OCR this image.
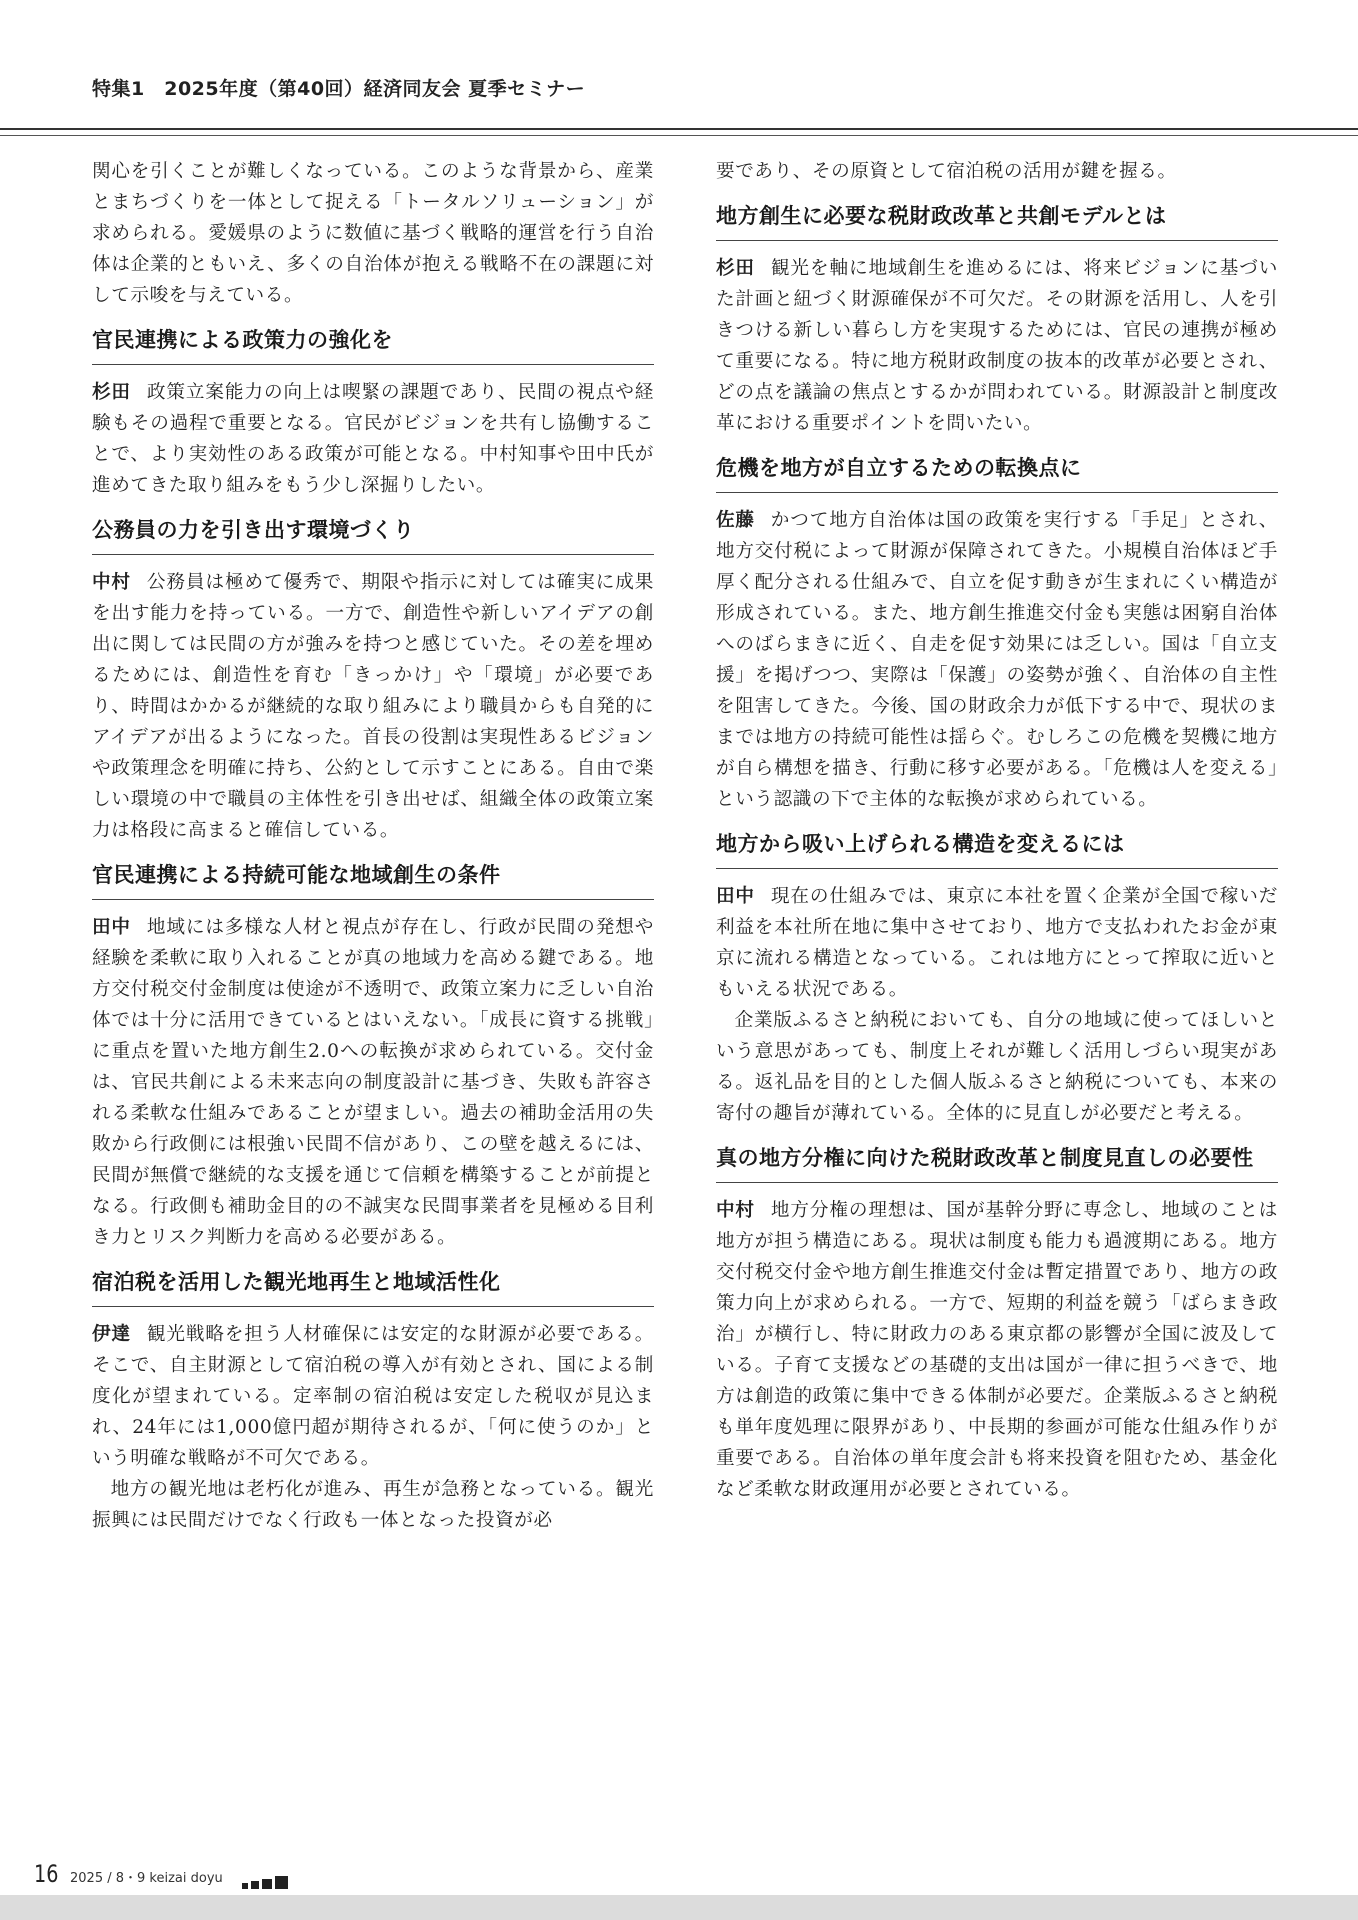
特集1　2025年度（第40回）経済同友会 夏季セミナー

関心を引くことが難しくなっている。このような背景から、産業とまちづくりを一体として捉える「トータルソリューション」が求められる。愛媛県のように数値に基づく戦略的運営を行う自治体は企業的ともいえ、多くの自治体が抱える戦略不在の課題に対して示唆を与えている。

官民連携による政策力の強化を

杉田 政策立案能力の向上は喫緊の課題であり、民間の視点や経験もその過程で重要となる。官民がビジョンを共有し協働することで、より実効性のある政策が可能となる。中村知事や田中氏が進めてきた取り組みをもう少し深掘りしたい。

公務員の力を引き出す環境づくり

中村 公務員は極めて優秀で、期限や指示に対しては確実に成果を出す能力を持っている。一方で、創造性や新しいアイデアの創出に関しては民間の方が強みを持つと感じていた。その差を埋めるためには、創造性を育む「きっかけ」や「環境」が必要であり、時間はかかるが継続的な取り組みにより職員からも自発的にアイデアが出るようになった。首長の役割は実現性あるビジョンや政策理念を明確に持ち、公約として示すことにある。自由で楽しい環境の中で職員の主体性を引き出せば、組織全体の政策立案力は格段に高まると確信している。

官民連携による持続可能な地域創生の条件

田中 地域には多様な人材と視点が存在し、行政が民間の発想や経験を柔軟に取り入れることが真の地域力を高める鍵である。地方交付税交付金制度は使途が不透明で、政策立案力に乏しい自治体では十分に活用できているとはいえない。「成長に資する挑戦」に重点を置いた地方創生2.0への転換が求められている。交付金は、官民共創による未来志向の制度設計に基づき、失敗も許容される柔軟な仕組みであることが望ましい。過去の補助金活用の失敗から行政側には根強い民間不信があり、この壁を越えるには、民間が無償で継続的な支援を通じて信頼を構築することが前提となる。行政側も補助金目的の不誠実な民間事業者を見極める目利き力とリスク判断力を高める必要がある。

宿泊税を活用した観光地再生と地域活性化

伊達 観光戦略を担う人材確保には安定的な財源が必要である。そこで、自主財源として宿泊税の導入が有効とされ、国による制度化が望まれている。定率制の宿泊税は安定した税収が見込まれ、24年には1,000億円超が期待されるが、「何に使うのか」という明確な戦略が不可欠である。

地方の観光地は老朽化が進み、再生が急務となっている。観光振興には民間だけでなく行政も一体となった投資が必

要であり、その原資として宿泊税の活用が鍵を握る。

地方創生に必要な税財政改革と共創モデルとは

杉田 観光を軸に地域創生を進めるには、将来ビジョンに基づいた計画と紐づく財源確保が不可欠だ。その財源を活用し、人を引きつける新しい暮らし方を実現するためには、官民の連携が極めて重要になる。特に地方税財政制度の抜本的改革が必要とされ、どの点を議論の焦点とするかが問われている。財源設計と制度改革における重要ポイントを問いたい。

危機を地方が自立するための転換点に

佐藤 かつて地方自治体は国の政策を実行する「手足」とされ、地方交付税によって財源が保障されてきた。小規模自治体ほど手厚く配分される仕組みで、自立を促す動きが生まれにくい構造が形成されている。また、地方創生推進交付金も実態は困窮自治体へのばらまきに近く、自走を促す効果には乏しい。国は「自立支援」を掲げつつ、実際は「保護」の姿勢が強く、自治体の自主性を阻害してきた。今後、国の財政余力が低下する中で、現状のままでは地方の持続可能性は揺らぐ。むしろこの危機を契機に地方が自ら構想を描き、行動に移す必要がある。「危機は人を変える」という認識の下で主体的な転換が求められている。

地方から吸い上げられる構造を変えるには

田中 現在の仕組みでは、東京に本社を置く企業が全国で稼いだ利益を本社所在地に集中させており、地方で支払われたお金が東京に流れる構造となっている。これは地方にとって搾取に近いともいえる状況である。

企業版ふるさと納税においても、自分の地域に使ってほしいという意思があっても、制度上それが難しく活用しづらい現実がある。返礼品を目的とした個人版ふるさと納税についても、本来の寄付の趣旨が薄れている。全体的に見直しが必要だと考える。

真の地方分権に向けた税財政改革と制度見直しの必要性

中村 地方分権の理想は、国が基幹分野に専念し、地域のことは地方が担う構造にある。現状は制度も能力も過渡期にある。地方交付税交付金や地方創生推進交付金は暫定措置であり、地方の政策力向上が求められる。一方で、短期的利益を競う「ばらまき政治」が横行し、特に財政力のある東京都の影響が全国に波及している。子育て支援などの基礎的支出は国が一律に担うべきで、地方は創造的政策に集中できる体制が必要だ。企業版ふるさと納税も単年度処理に限界があり、中長期的参画が可能な仕組み作りが重要である。自治体の単年度会計も将来投資を阻むため、基金化など柔軟な財政運用が必要とされている。

16 2025 / 8・9 keizai doyu
